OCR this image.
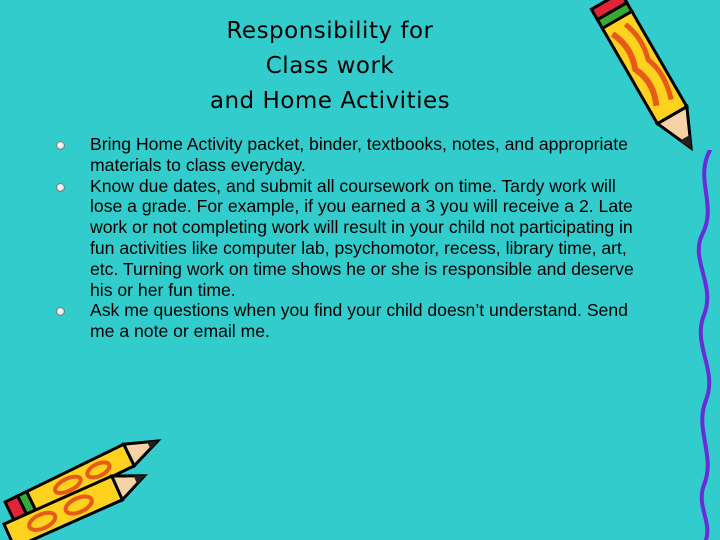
Responsibility for
Class work
and Home Activities
Bring Home Activity packet, binder, textbooks, notes, and appropriate materials to class everyday.
Know due dates, and submit all coursework on time. Tardy work will lose a grade. For example, if you earned a 3 you will receive a 2. Late work or not completing work will result in your child not participating in fun activities like computer lab, psychomotor, recess, library time, art, etc. Turning work on time shows he or she is responsible and deserve his or her fun time.
Ask me questions when you find your child doesn’t understand. Send me a note or email me.
